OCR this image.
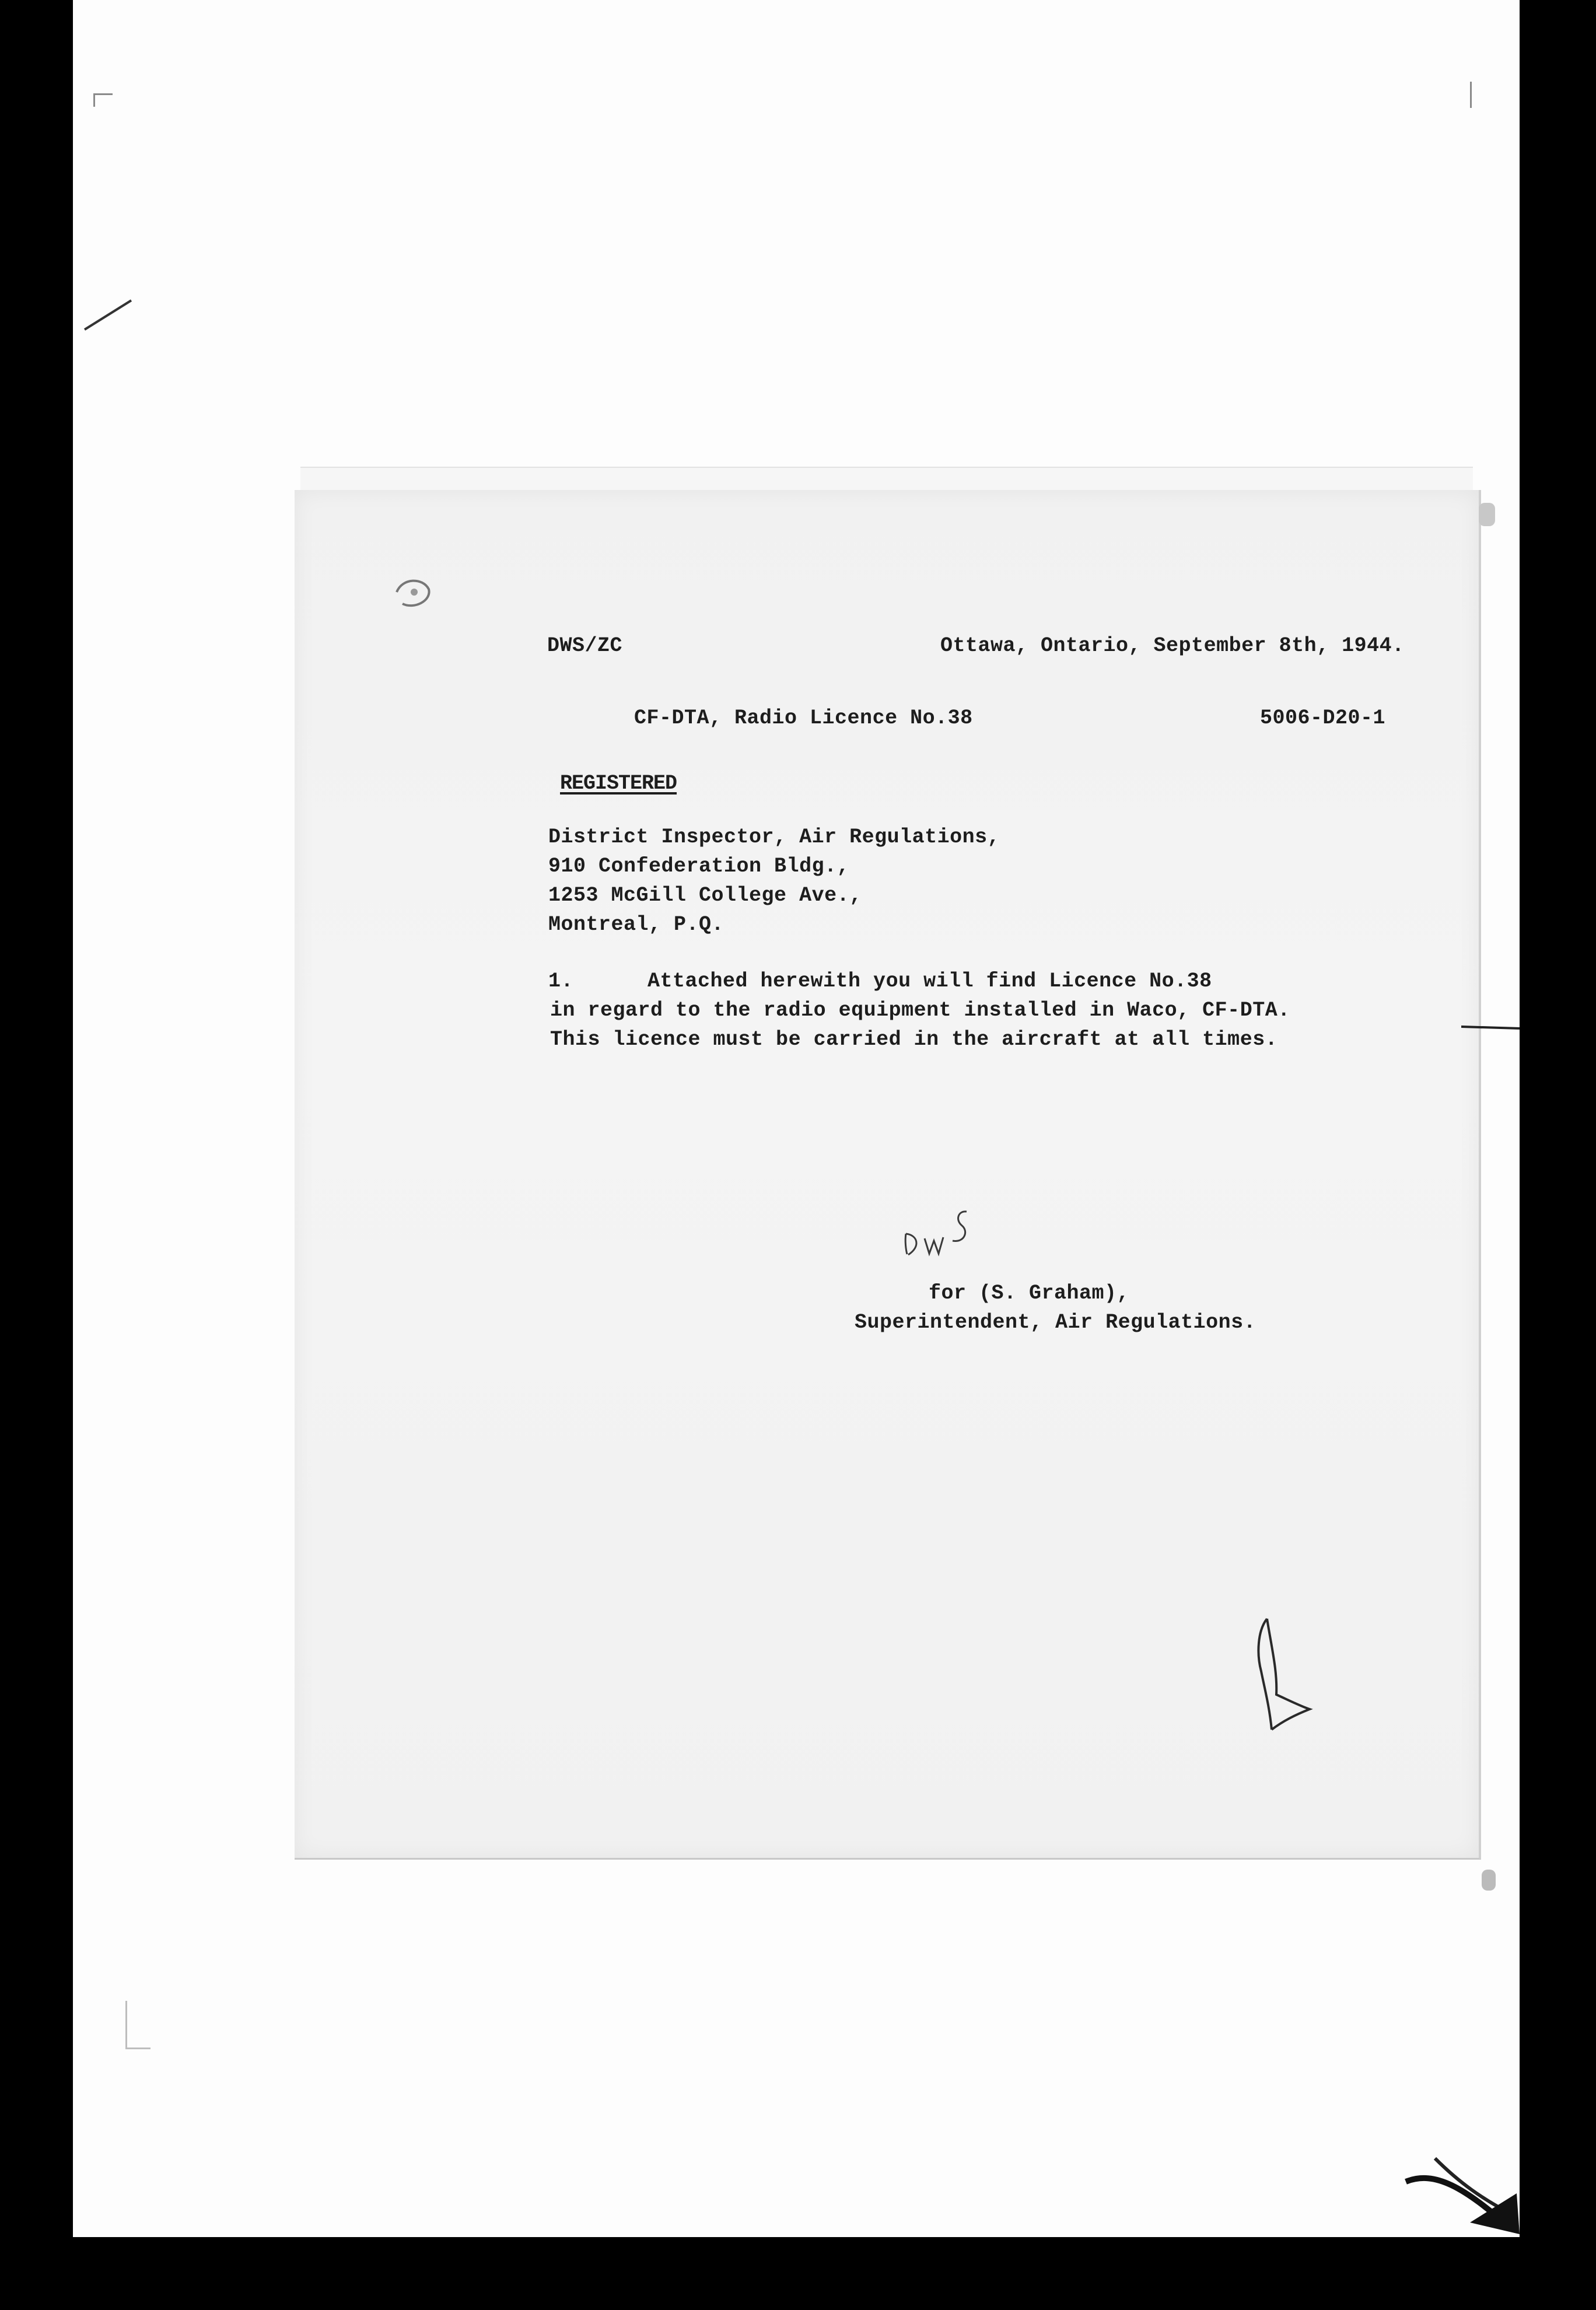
DWS/ZC	Ottawa, Ontario, September 8th, 1944.
CF-DTA, Radio Licence No.38	5006-D20-1
REGISTERED
District Inspector, Air Regulations,
910 Confederation Bldg.,
1253 McGill College Ave.,
Montreal, P.Q.
1.	Attached herewith you will find Licence No.38
in regard to the radio equipment installed in Waco, CF-DTA.
This licence must be carried in the aircraft at all times.
for (S. Graham),
Superintendent, Air Regulations.
